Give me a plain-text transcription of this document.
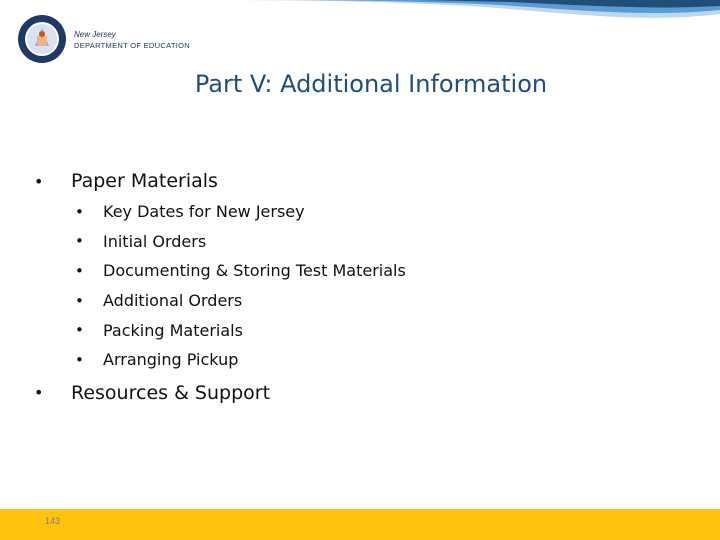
New Jersey
DEPARTMENT OF EDUCATION
Part V: Additional Information
•	Paper Materials
•	Key Dates for New Jersey
•	Initial Orders
•	Documenting & Storing Test Materials
•	Additional Orders
•	Packing Materials
•	Arranging Pickup
•	Resources & Support
143
